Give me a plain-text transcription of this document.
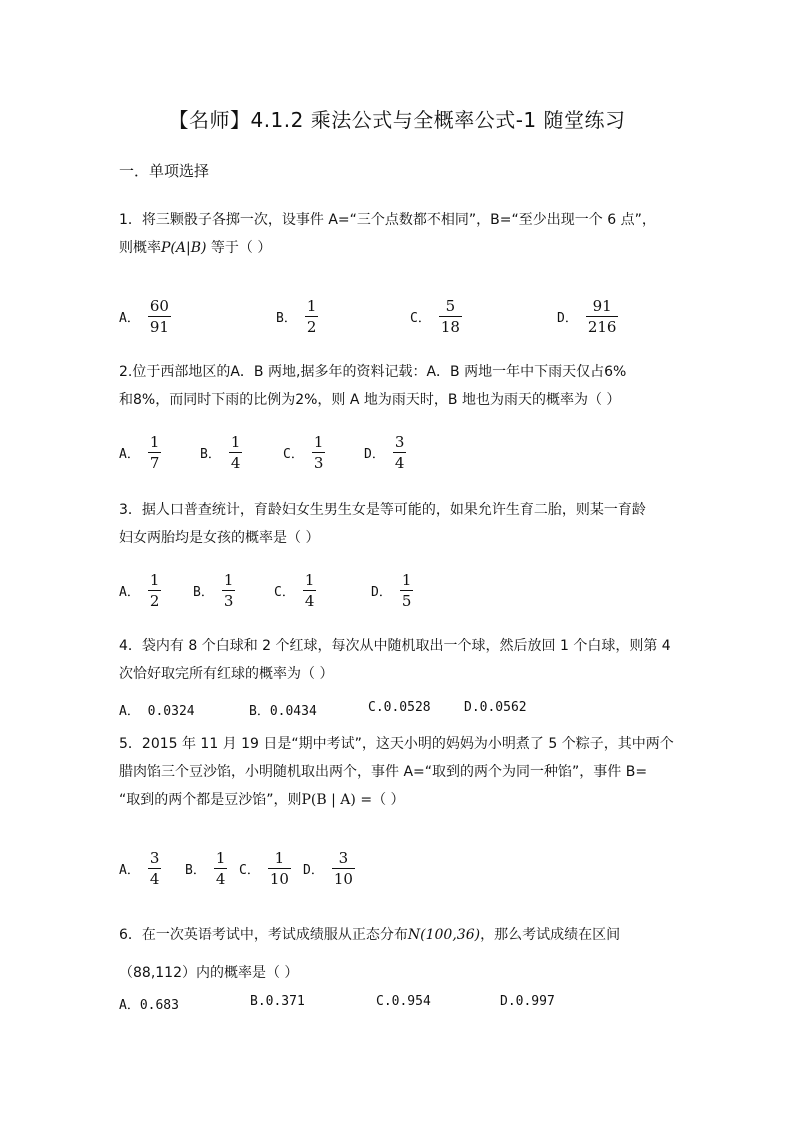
【名师】4.1.2 乘法公式与全概率公式-1 随堂练习
一．单项选择
1．将三颗骰子各掷一次，设事件 A=“三个点数都不相同”，B=“至少出现一个 6 点”，
则概率P(A|B) 等于（ ）
A． $\frac{60}{91}$	B． $\frac{1}{2}$	C． $\frac{5}{18}$	D． $\frac{91}{216}$
2.位于西部地区的A．B 两地,据多年的资料记载：A．B 两地一年中下雨天仅占6%
和8%，而同时下雨的比例为2%，则 A 地为雨天时，B 地也为雨天的概率为（ ）
A． $\frac{1}{7}$	B． $\frac{1}{4}$	C． $\frac{1}{3}$	D． $\frac{3}{4}$
3．据人口普查统计，育龄妇女生男生女是等可能的，如果允许生育二胎，则某一育龄
妇女两胎均是女孩的概率是（ ）
A． $\frac{1}{2}$ B． $\frac{1}{3}$	C． $\frac{1}{4}$	D． $\frac{1}{5}$
4．袋内有 8 个白球和 2 个红球，每次从中随机取出一个球，然后放回 1 个白球，则第 4
次恰好取完所有红球的概率为（ ）
A． 0.0324	B．0.0434	C.0.0528	D.0.0562
5．2015 年 11 月 19 日是“期中考试”，这天小明的妈妈为小明煮了 5 个粽子，其中两个
腊肉馅三个豆沙馅，小明随机取出两个，事件 A=“取到的两个为同一种馅”，事件 B=
“取到的两个都是豆沙馅”，则P(B | A) =（ ）
A． $\frac{3}{4}$ B． $\frac{1}{4}$ C． $\frac{1}{10}$ D． $\frac{3}{10}$
6．在一次英语考试中，考试成绩服从正态分布N(100,36)，那么考试成绩在区间
（88,112）内的概率是（ ）
A．0.683	B.0.371	C.0.954	D.0.997
